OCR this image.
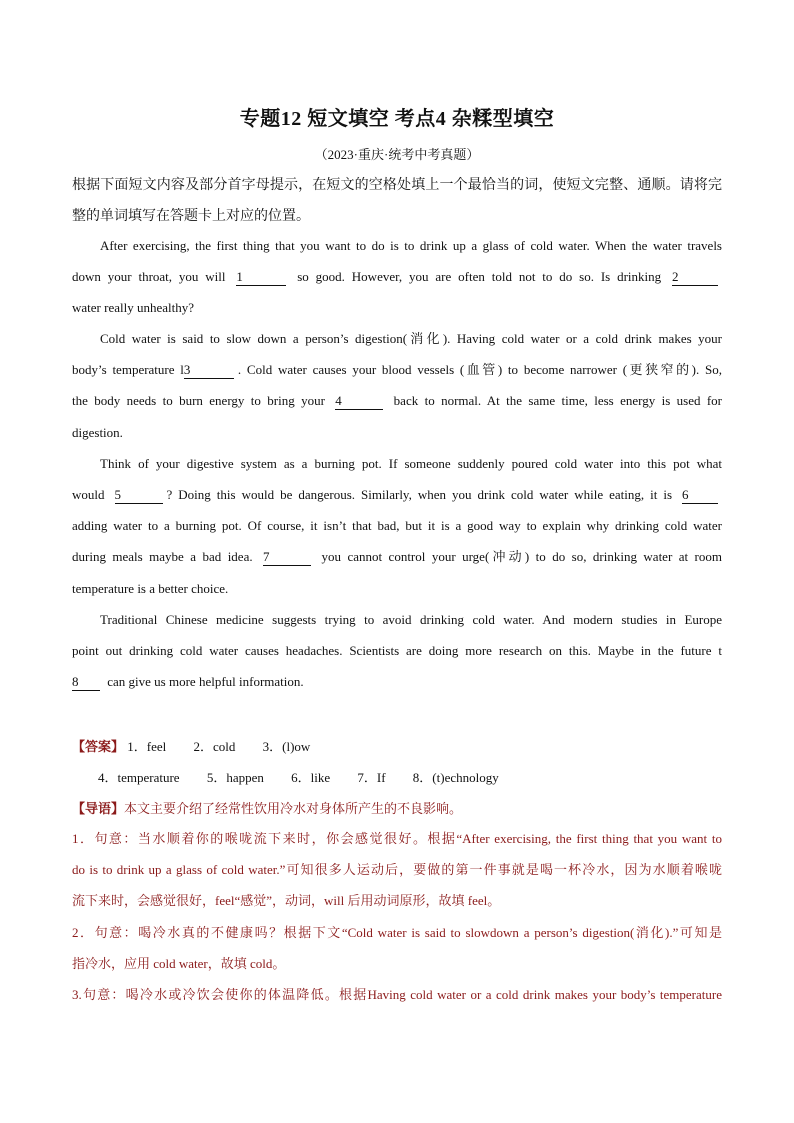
专题12 短文填空 考点4 杂糅型填空
（2023·重庆·统考中考真题）
根据下面短文内容及部分首字母提示，在短文的空格处填上一个最恰当的词，使短文完整、通顺。请将完
整的单词填写在答题卡上对应的位置。
After exercising, the first thing that you want to do is to drink up a glass of cold water. When the water travels
down your throat, you will 1	so good. However, you are often told not to do so. Is drinking 2
water really unhealthy?
Cold water is said to slow down a person’s digestion(消化). Having cold water or a cold drink makes your
body’s temperature l3	. Cold water causes your blood vessels (血管) to become narrower (更狭窄的). So,
the body needs to burn energy to bring your 4	back to normal. At the same time, less energy is used for
digestion.
Think of your digestive system as a burning pot. If someone suddenly poured cold water into this pot what
would 5	? Doing this would be dangerous. Similarly, when you drink cold water while eating, it is 6
adding water to a burning pot. Of course, it isn’t that bad, but it is a good way to explain why drinking cold water
during meals maybe a bad idea. 7	you cannot control your urge(冲动) to do so, drinking water at room
temperature is a better choice.
Traditional Chinese medicine suggests trying to avoid drinking cold water. And modern studies in Europe
point out drinking cold water causes headaches. Scientists are doing more research on this. Maybe in the future t
8 can give us more helpful information.
【答案】 1．feel 2．cold 3．(l)ow
4．temperature 5．happen 6．like 7．If 8．(t)echnology
【导语】本文主要介绍了经常性饮用冷水对身体所产生的不良影响。
1．句意：当水顺着你的喉咙流下来时，你会感觉很好。根据“After exercising, the first thing that you want to
do is to drink up a glass of cold water.”可知很多人运动后，要做的第一件事就是喝一杯冷水，因为水顺着喉咙
流下来时，会感觉很好，feel“感觉”，动词，will 后用动词原形，故填 feel。
2．句意：喝冷水真的不健康吗？根据下文“Cold water is said to slowdown a person’s digestion(消化).”可知是
指冷水，应用 cold water，故填 cold。
3.句意：喝冷水或冷饮会使你的体温降低。根据Having cold water or a cold drink makes your body’s temperature
